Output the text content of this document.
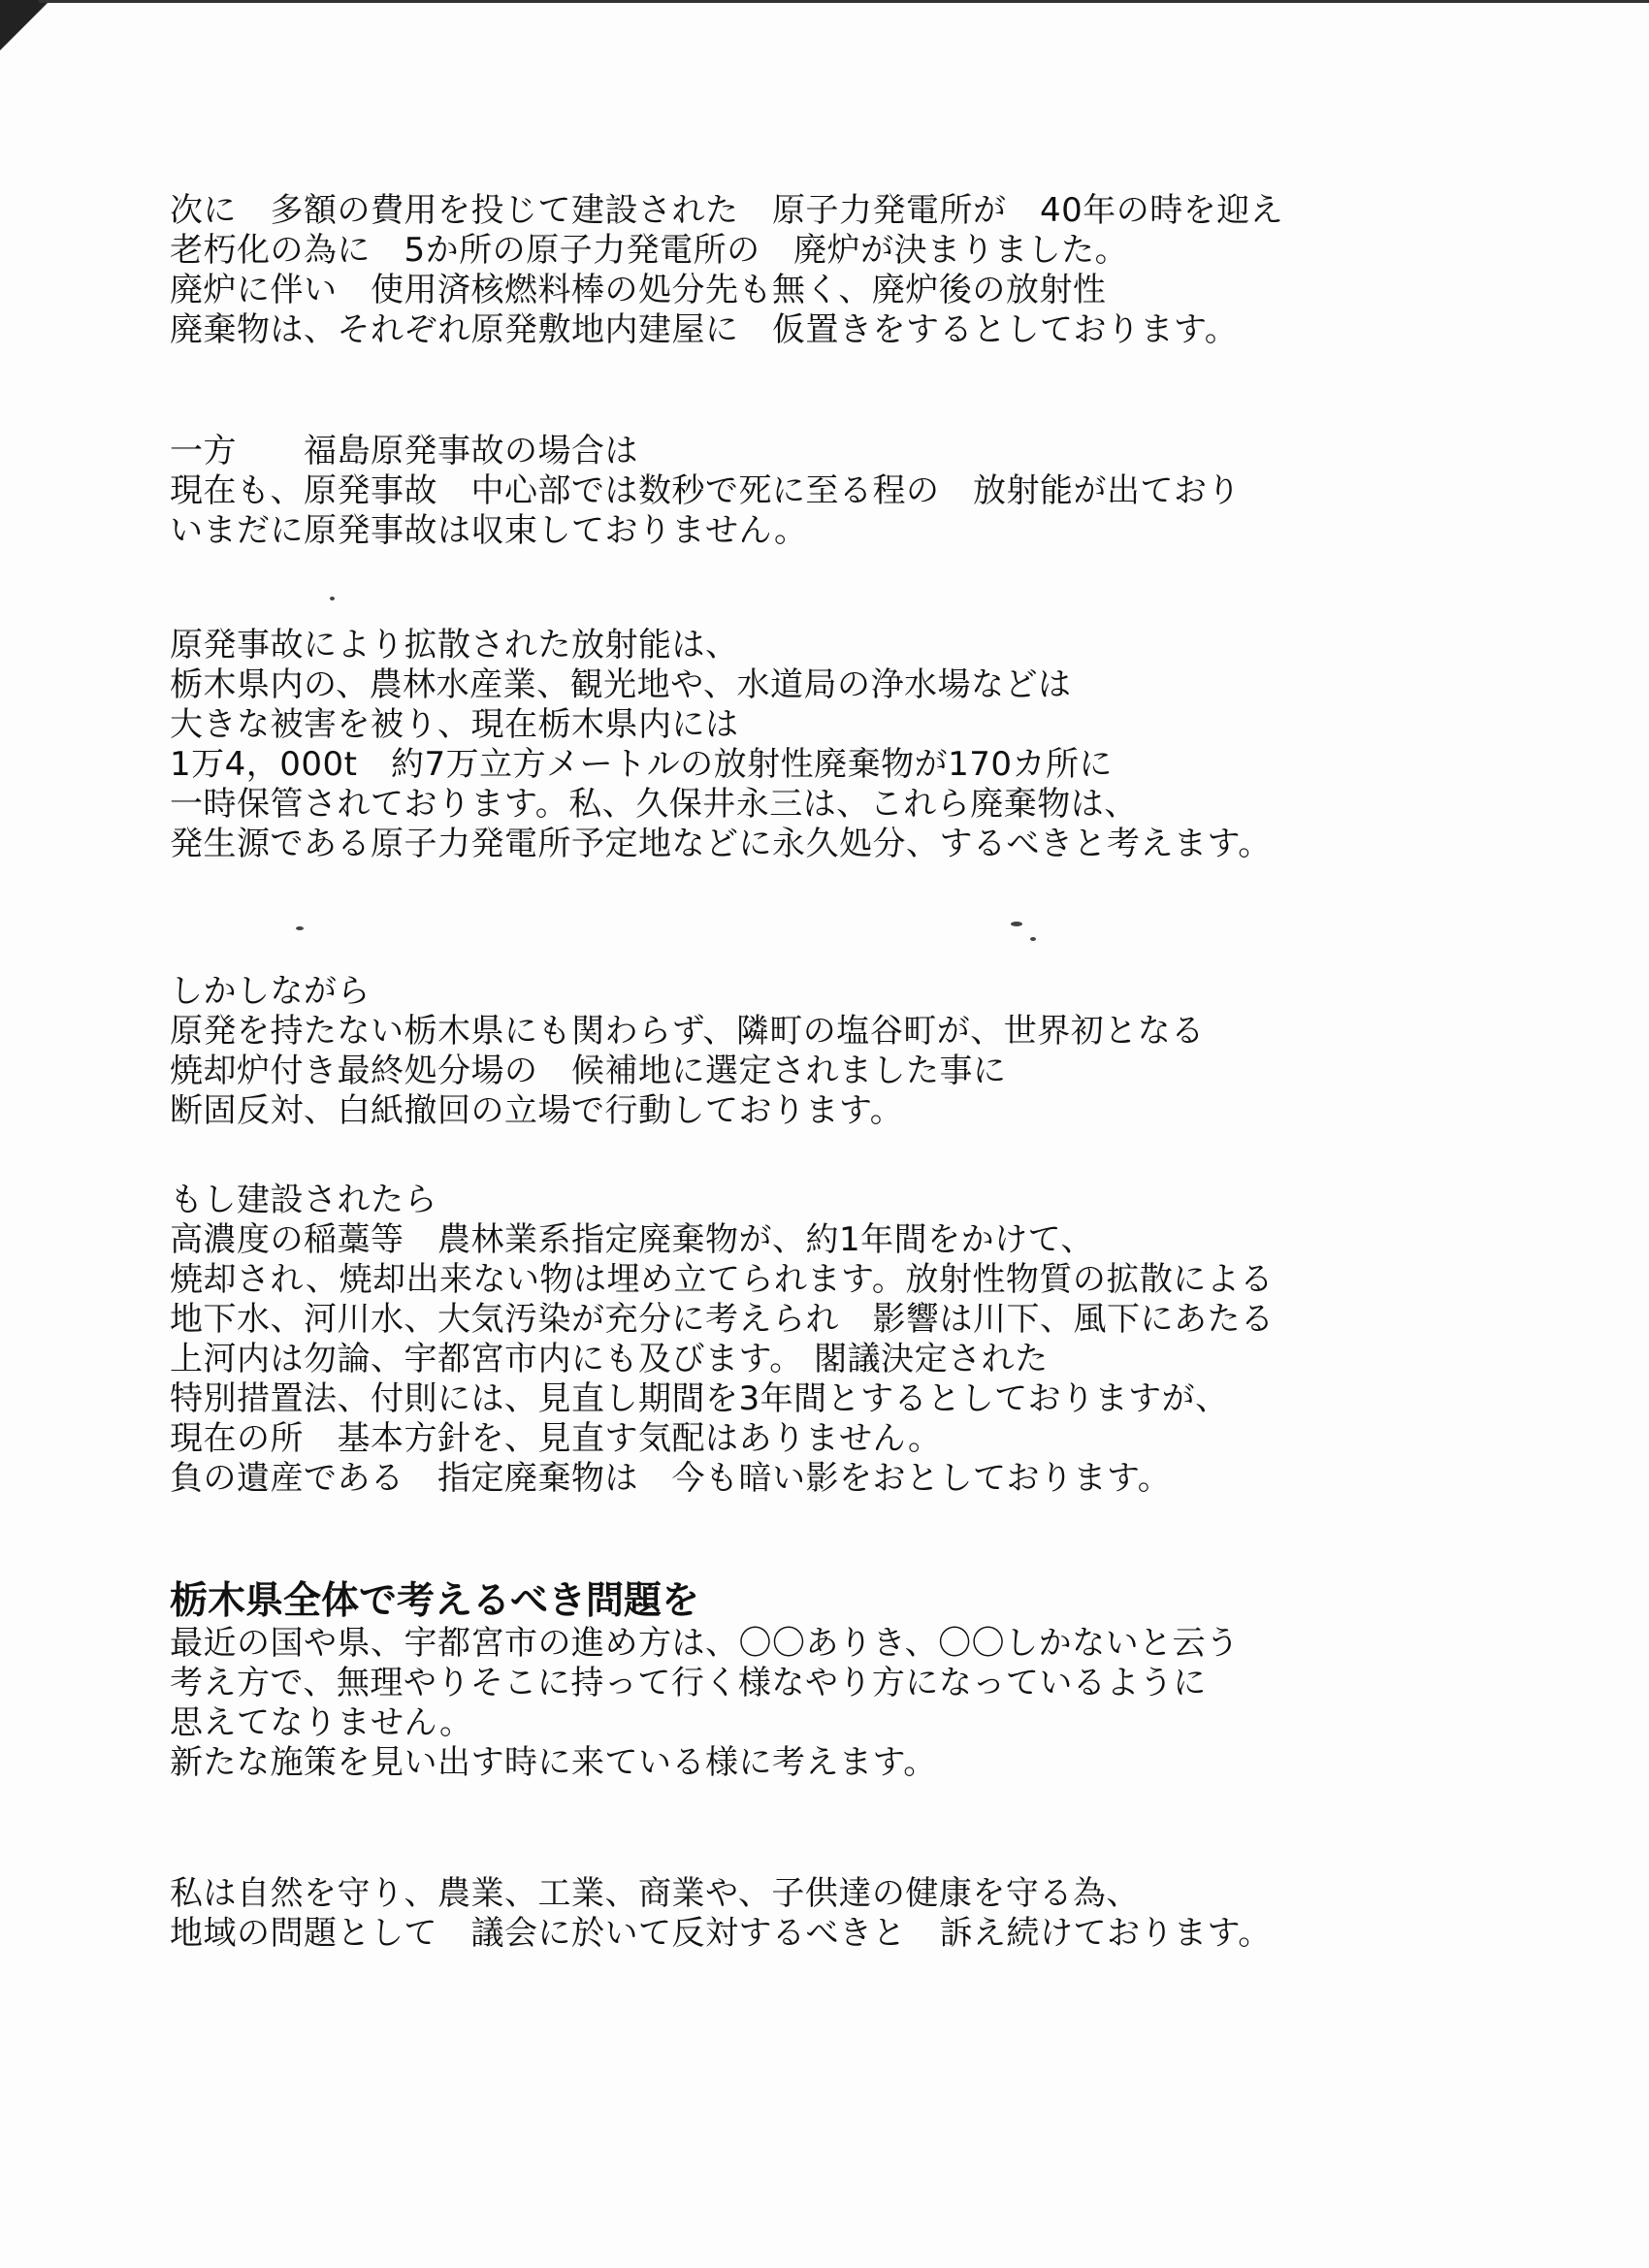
次に　多額の費用を投じて建設された　原子力発電所が　40年の時を迎え
老朽化の為に　5か所の原子力発電所の　廃炉が決まりました。
廃炉に伴い　使用済核燃料棒の処分先も無く、廃炉後の放射性
廃棄物は、それぞれ原発敷地内建屋に　仮置きをするとしております。
一方　　福島原発事故の場合は
現在も、原発事故　中心部では数秒で死に至る程の　放射能が出ており
いまだに原発事故は収束しておりません。
原発事故により拡散された放射能は、
栃木県内の、農林水産業、観光地や、水道局の浄水場などは
大きな被害を被り、現在栃木県内には
1万4，000t　約7万立方メートルの放射性廃棄物が170カ所に
一時保管されております。私、久保井永三は、これら廃棄物は、
発生源である原子力発電所予定地などに永久処分、するべきと考えます。
しかしながら
原発を持たない栃木県にも関わらず、隣町の塩谷町が、世界初となる
焼却炉付き最終処分場の　候補地に選定されました事に
断固反対、白紙撤回の立場で行動しております。
もし建設されたら
高濃度の稲藁等　農林業系指定廃棄物が、約1年間をかけて、
焼却され、焼却出来ない物は埋め立てられます。放射性物質の拡散による
地下水、河川水、大気汚染が充分に考えられ　影響は川下、風下にあたる
上河内は勿論、宇都宮市内にも及びます。 閣議決定された
特別措置法、付則には、見直し期間を3年間とするとしておりますが、
現在の所　基本方針を、見直す気配はありません。
負の遺産である　指定廃棄物は　今も暗い影をおとしております。
栃木県全体で考えるべき問題を
最近の国や県、宇都宮市の進め方は、〇〇ありき、〇〇しかないと云う
考え方で、無理やりそこに持って行く様なやり方になっているように
思えてなりません。
新たな施策を見い出す時に来ている様に考えます。
私は自然を守り、農業、工業、商業や、子供達の健康を守る為、
地域の問題として　議会に於いて反対するべきと　訴え続けております。
